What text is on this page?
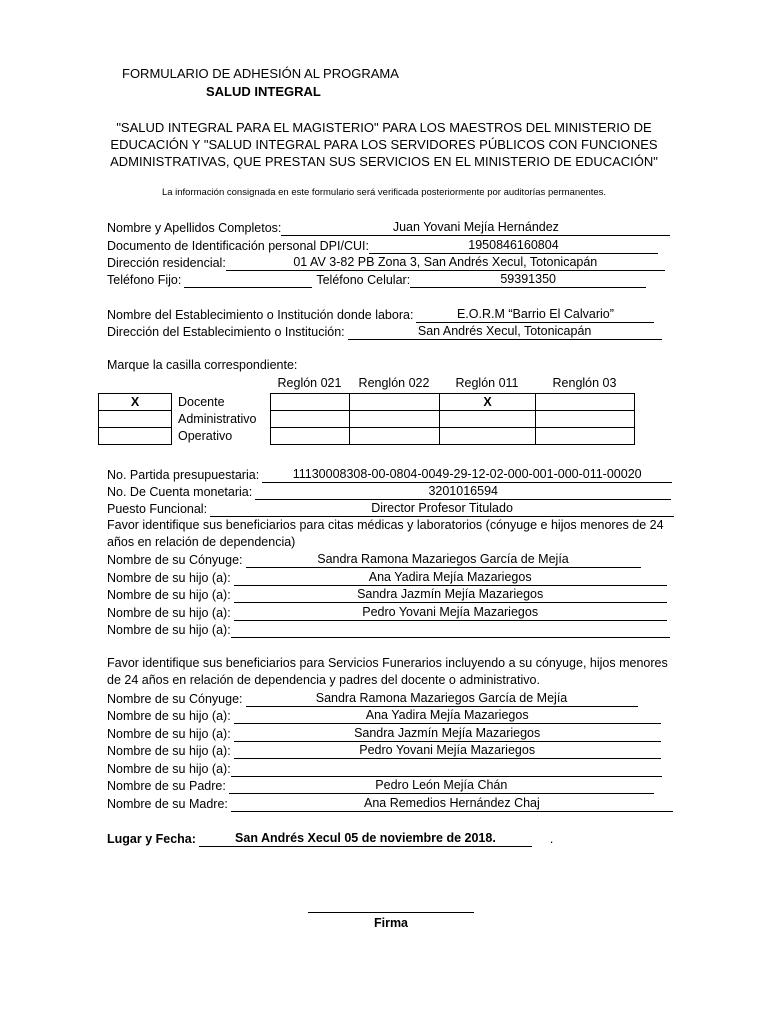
FORMULARIO DE ADHESIÓN AL PROGRAMA
SALUD INTEGRAL
"SALUD INTEGRAL PARA EL MAGISTERIO" PARA LOS MAESTROS DEL MINISTERIO DE
EDUCACIÓN Y "SALUD INTEGRAL PARA LOS SERVIDORES PÚBLICOS CON FUNCIONES
ADMINISTRATIVAS, QUE PRESTAN SUS SERVICIOS EN EL MINISTERIO DE EDUCACIÓN"
La información consignada en este formulario será verificada posteriormente por auditorías permanentes.
Nombre y Apellidos Completos:	Juan Yovani Mejía Hernández
Documento de Identificación personal DPI/CUI:	1950846160804
Dirección residencial:	01 AV 3-82 PB Zona 3, San Andrés Xecul, Totonicapán
Teléfono Fijo:	Teléfono Celular:	59391350
Nombre del Establecimiento o Institución donde labora:	E.O.R.M “Barrio El Calvario”
Dirección del Establecimiento o Institución:	San Andrés Xecul, Totonicapán
Marque la casilla correspondiente:
Reglón 021	Renglón 022	Reglón 011	Renglón 03
X	Docente			X	
	Administrativo				
	Operativo				
No. Partida presupuestaria:	11130008308-00-0804-0049-29-12-02-000-001-000-011-00020
No. De Cuenta monetaria:	3201016594
Puesto Funcional:	Director Profesor Titulado
Favor identifique sus beneficiarios para citas médicas y laboratorios (cónyuge e hijos menores de 24
años en relación de dependencia)
Nombre de su Cónyuge:	Sandra Ramona Mazariegos García de Mejía
Nombre de su hijo (a):	Ana Yadira Mejía Mazariegos
Nombre de su hijo (a):	Sandra Jazmín Mejía Mazariegos
Nombre de su hijo (a):	Pedro Yovani Mejía Mazariegos
Nombre de su hijo (a):
Favor identifique sus beneficiarios para Servicios Funerarios incluyendo a su cónyuge, hijos menores
de 24 años en relación de dependencia y padres del docente o administrativo.
Nombre de su Cónyuge:	Sandra Ramona Mazariegos García de Mejía
Nombre de su hijo (a):	Ana Yadira Mejía Mazariegos
Nombre de su hijo (a):	Sandra Jazmín Mejía Mazariegos
Nombre de su hijo (a):	Pedro Yovani Mejía Mazariegos
Nombre de su hijo (a):
Nombre de su Padre:	Pedro León Mejía Chán
Nombre de su Madre:	Ana Remedios Hernández Chaj
Lugar y Fecha:	San Andrés Xecul 05 de noviembre de 2018.	.
Firma
